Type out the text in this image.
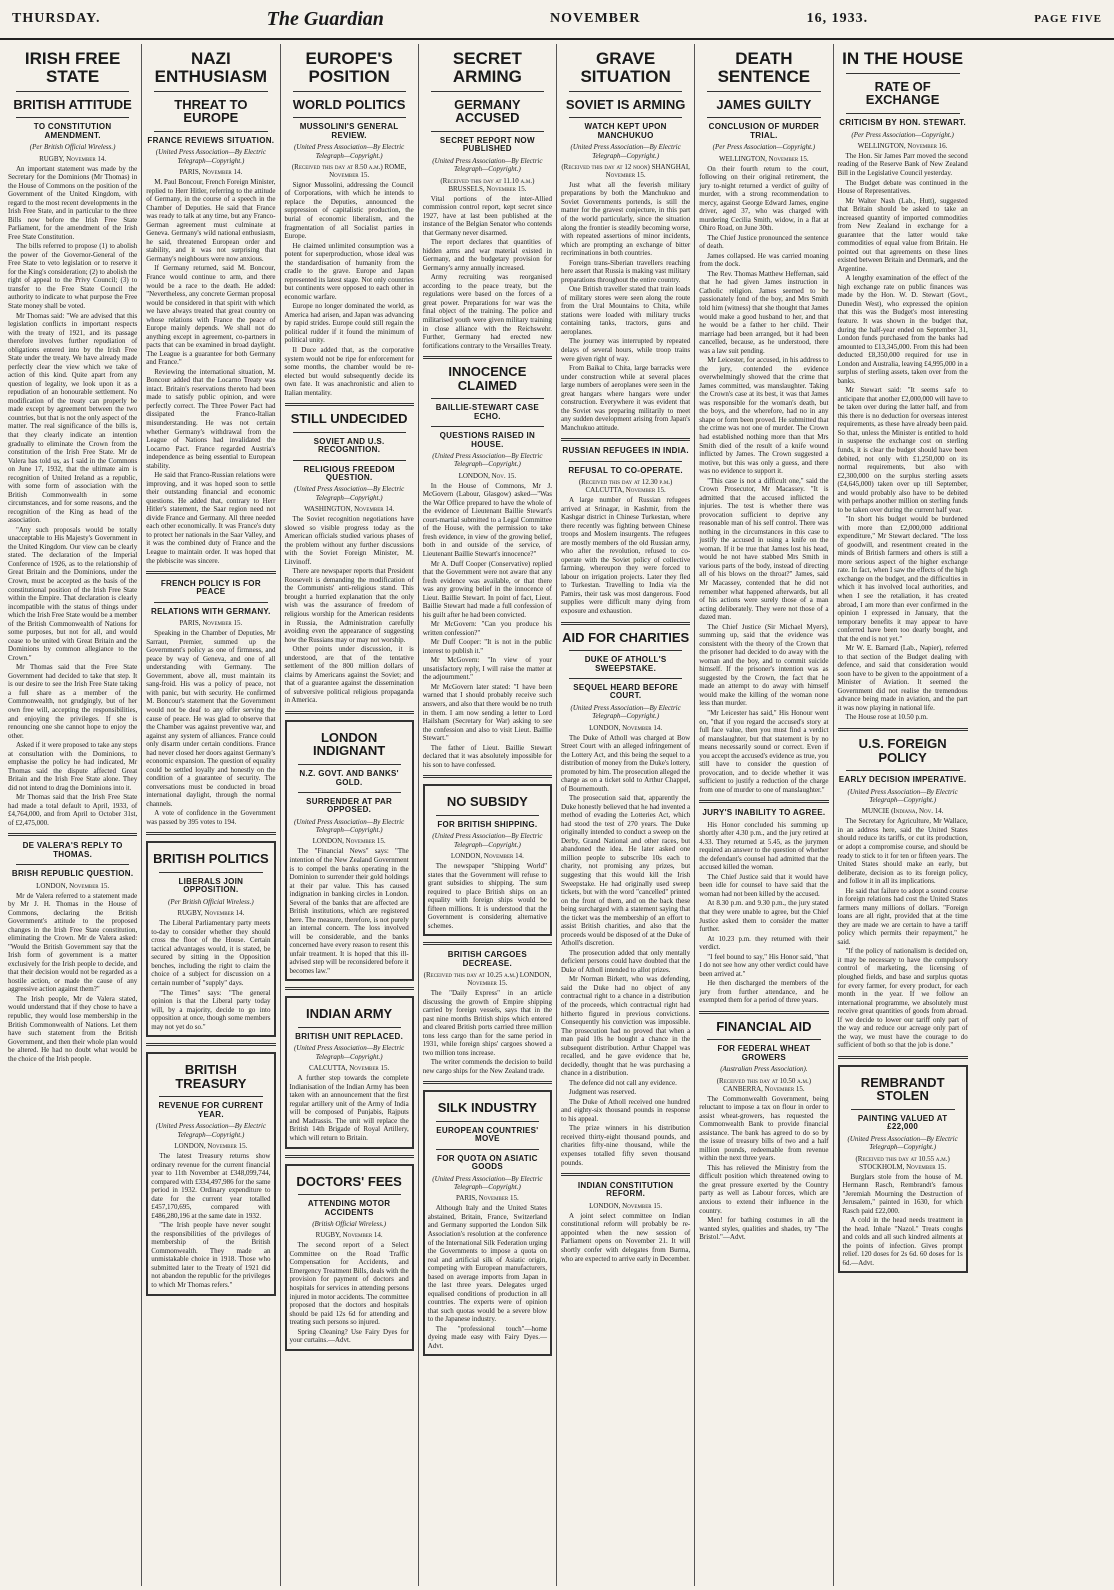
THURSDAY.	The Guardian	NOVEMBER	16, 1933.	PAGE FIVE
IRISH FREE STATE
BRITISH ATTITUDE
TO CONSTITUTION AMENDMENT.
(Per British Official Wireless.)
RUGBY, November 14.

An important statement was made by the Secretary for the Dominions (Mr Thomas) in the House of Commons on the position of the Government of the United Kingdom, with regard to the most recent developments in the Irish Free State, and in particular to the three Bills now before the Irish Free State Parliament, for the amendment of the Irish Free State Constitution.

The bills referred to propose (1) to abolish the power of the Governor-General of the Free State to veto legislation or to reserve it for the King's consideration; (2) to abolish the right of appeal to the Privy Council; (3) to transfer to the Free State Council the authority to indicate to what purpose the Free State money shall be voted.

Mr Thomas said: "We are advised that this legislation conflicts in important respects with the treaty of 1921, and its passage therefore involves further repudiation of obligations entered into by the Irish Free State under the treaty. We have already made perfectly clear the view which we take of action of this kind. Quite apart from any question of legality, we look upon it as a repudiation of an honourable settlement. No modification of the treaty can properly be made except by agreement between the two countries, but that is not the only aspect of the matter. The real significance of the bills is, that they clearly indicate an intention gradually to eliminate the Crown from the constitution of the Irish Free State. Mr de Valera has told us, as I said in the Commons on June 17, 1932, that the ultimate aim is recognition of United Ireland as a republic, with some form of association with the British Commonwealth in some circumstances, and for some reasons, and the recognition of the King as head of the association.

"Any such proposals would be totally unacceptable to His Majesty's Government in the United Kingdom. Our view can be clearly stated. The declaration of the Imperial Conference of 1926, as to the relationship of Great Britain and the Dominions, under the Crown, must be accepted as the basis of the constitutional position of the Irish Free State within the Empire. That declaration is clearly incompatible with the status of things under which the Irish Free State would be a member of the British Commonwealth of Nations for some purposes, but not for all, and would cease to be united with Great Britain and the Dominions by common allegiance to the Crown."

Mr Thomas said that the Free State Government had decided to take that step. It is our desire to see the Irish Free State taking a full share as a member of the Commonwealth, not grudgingly, but of her own free will, accepting the responsibilities, and enjoying the privileges. If she is renouncing one she cannot hope to enjoy the other.

Asked if it were proposed to take any steps at consultation with the Dominions, to emphasise the policy he had indicated, Mr Thomas said the dispute affected Great Britain and the Irish Free State alone. They did not intend to drag the Dominions into it.

Mr Thomas said that the Irish Free State had made a total default to April, 1933, of £4,764,000, and from April to October 31st, of £2,475,000.

DE VALERA'S REPLY TO THOMAS.
BRISH REPUBLIC QUESTION.
LONDON, November 15.

Mr de Valera referred to a statement made by Mr J. H. Thomas in the House of Commons, declaring the British Government's attitude to the proposed changes in the Irish Free State constitution, eliminating the Crown. Mr de Valera asked: "Would the British Government say that the Irish form of government is a matter exclusively for the Irish people to decide, and that their decision would not be regarded as a hostile action, or made the cause of any aggressive action against them?"

The Irish people, Mr de Valera stated, would understand that if they chose to have a republic, they would lose membership in the British Commonwealth of Nations. Let them have such statement from the British Government, and then their whole plan would be altered. He had no doubt what would be the choice of the Irish people.

NAZI ENTHUSIASM
THREAT TO EUROPE
FRANCE REVIEWS SITUATION.
(United Press Association—By Electric Telegraph—Copyright.)
PARIS, November 14.

M. Paul Boncour, French Foreign Minister, replied to Herr Hitler, referring to the attitude of Germany, in the course of a speech in the Chamber of Deputies. He said that France was ready to talk at any time, but any Franco-German agreement must culminate at Geneva. Germany's wild national enthusiasm, he said, threatened European order and stability, and it was not surprising that Germany's neighbours were now anxious.

If Germany returned, said M. Boncour, France would continue to arm, and there would be a race to the death. He added: "Nevertheless, any concrete German proposal would be considered in that spirit with which we have always treated that great country on whose relations with France the peace of Europe mainly depends. We shall not do anything except in agreement, co-partners in pacts that can be examined in broad daylight. The League is a guarantee for both Germany and France."

Reviewing the international situation, M. Boncour added that the Locarno Treaty was intact. Britain's reservations thereto had been made to satisfy public opinion, and were perfectly correct. The Three Power Pact had dissipated the Franco-Italian misunderstanding. He was not certain whether Germany's withdrawal from the League of Nations had invalidated the Locarno Pact. France regarded Austria's independence as being essential to European stability.

He said that Franco-Russian relations were improving, and it was hoped soon to settle their outstanding financial and economic questions. He added that, contrary to Herr Hitler's statement, the Saar region need not divide France and Germany. All three needed each other economically. It was France's duty to protect her nationals in the Saar Valley, and it was the combined duty of France and the League to maintain order. It was hoped that the plebiscite was sincere.

FRENCH POLICY IS FOR PEACE
RELATIONS WITH GERMANY.
PARIS, November 15.

Speaking in the Chamber of Deputies, Mr Sarraut, Premier, summed up the Government's policy as one of firmness, and peace by way of Geneva, and one of all understanding with Germany. The Government, above all, must maintain its sang-froid. His was a policy of peace, not with panic, but with security. He confirmed M. Boncour's statement that the Government would not be deaf to any offer serving the cause of peace. He was glad to observe that the Chamber was against preventive war, and against any system of alliances. France could only disarm under certain conditions. France had never closed her doors against Germany's economic expansion. The question of equality could be settled loyally and honestly on the condition of a guarantee of security. The conversations must be conducted in broad international daylight, through the normal channels.

A vote of confidence in the Government was passed by 395 votes to 194.

BRITISH POLITICS
LIBERALS JOIN OPPOSITION.
(Per British Official Wireless.)
RUGBY, November 14.

The Liberal Parliamentary party meets to-day to consider whether they should cross the floor of the House. Certain tactical advantages would, it is stated, be secured by sitting in the Opposition benches, including the right to claim the choice of a subject for discussion on a certain number of "supply" days.

"The Times" says: "The general opinion is that the Liberal party today will, by a majority, decide to go into opposition at once, though some members may not yet do so."

BRITISH TREASURY
REVENUE FOR CURRENT YEAR.
(United Press Association—By Electric Telegraph—Copyright.)
LONDON, November 15.

The latest Treasury returns show ordinary revenue for the current financial year to 11th November at £348,099,744, compared with £334,497,986 for the same period in 1932. Ordinary expenditure to date for the current year totalled £457,170,695, compared with £486,280,196 at the same date in 1932.

"The Irish people have never sought the responsibilities of the privileges of membership of the British Commonwealth. They made an unmistakable choice in 1918. Those who submitted later to the Treaty of 1921 did not abandon the republic for the privileges to which Mr Thomas refers."

EUROPE'S POSITION
WORLD POLITICS
MUSSOLINI'S GENERAL REVIEW.
(United Press Association—By Electric Telegraph—Copyright.)
(Received this day at 8.50 a.m.) ROME, November 15.

Signor Mussolini, addressing the Council of Corporations, with which he intends to replace the Deputies, announced the suppression of capitalistic production, the burial of economic liberalism, and the fragmentation of all Socialist parties in Europe.

He claimed unlimited consumption was a potent for superproduction, whose ideal was the standardisation of humanity from the cradle to the grave. Europe and Japan represented its latest stage. Not only countries but continents were opposed to each other in economic warfare.

Europe no longer dominated the world, as America had arisen, and Japan was advancing by rapid strides. Europe could still regain the political rudder if it found the minimum of political unity.

Il Duce added that, as the corporative system would not be ripe for enforcement for some months, the chamber would be re-elected but would subsequently decide its own fate. It was anachronistic and alien to Italian mentality.

STILL UNDECIDED
SOVIET AND U.S. RECOGNITION.
RELIGIOUS FREEDOM QUESTION.
(United Press Association—By Electric Telegraph—Copyright.)
WASHINGTON, November 14.

The Soviet recognition negotiations have slowed so visible progress today as the American officials studied various phases of the problem without any further discussions with the Soviet Foreign Minister, M. Litvinoff.

There are newspaper reports that President Roosevelt is demanding the modification of the Communists' anti-religious stand. This brought a hurried explanation that the only wish was the assurance of freedom of religious worship for the American residents in Russia, the Administration carefully avoiding even the appearance of suggesting how the Russians may or may not worship.

Other points under discussion, it is understood, are that of the tentative settlement of the 800 million dollars of claims by Americans against the Soviet; and that of a guarantee against the dissemination of subversive political religious propaganda in America.

LONDON INDIGNANT
N.Z. GOVT. AND BANKS' GOLD.
SURRENDER AT PAR OPPOSED.
(United Press Association—By Electric Telegraph—Copyright.)
LONDON, November 15.

The "Financial News" says: "The intention of the New Zealand Government is to compel the banks operating in the Dominion to surrender their gold holdings at their par value. This has caused indignation in banking circles in London. Several of the banks that are affected are British institutions, which are registered here. The measure, therefore, is not purely an internal concern. The loss involved will be considerable, and the banks concerned have every reason to resent this unfair treatment. It is hoped that this ill-advised step will be reconsidered before it becomes law."

INDIAN ARMY
BRITISH UNIT REPLACED.
(United Press Association—By Electric Telegraph—Copyright.)
CALCUTTA, November 15.

A further step towards the complete Indianisation of the Indian Army has been taken with an announcement that the first regular artillery unit of the Army of India will be composed of Punjabis, Rajputs and Madrassis. The unit will replace the British 14th Brigade of Royal Artillery, which will return to Britain.

DOCTORS' FEES
ATTENDING MOTOR ACCIDENTS
(British Official Wireless.)
RUGBY, November 14.

The second report of a Select Committee on the Road Traffic Compensation for Accidents, and Emergency Treatment Bills, deals with the provision for payment of doctors and hospitals for services in attending persons injured in motor accidents. The committee proposed that the doctors and hospitals should be paid 12s 6d for attending and treating such persons so injured.

Spring Cleaning? Use Fairy Dyes for your curtains.—Advt.

SECRET ARMING
GERMANY ACCUSED
SECRET REPORT NOW PUBLISHED
(United Press Association—By Electric Telegraph—Copyright.)
(Received this day at 11.10 a.m.) BRUSSELS, November 15.

Vital portions of the inter-Allied commission control report, kept secret since 1927, have at last been published at the instance of the Belgian Senator who contends that Germany never disarmed.

The report declares that quantities of hidden arms and war material existed in Germany, and the budgetary provision for Germany's army annually increased.

Army recruiting was reorganised according to the peace treaty, but the regulations were based on the forces of a great power. Preparations for war was the final object of the training. The police and militarised youth were given military training in close alliance with the Reichswehr. Further, Germany had erected new fortifications contrary to the Versailles Treaty.

INNOCENCE CLAIMED
BAILLIE-STEWART CASE ECHO.
QUESTIONS RAISED IN HOUSE.
(United Press Association—By Electric Telegraph—Copyright.)
LONDON, Nov. 15.

In the House of Commons, Mr J. McGovern (Labour, Glasgow) asked—"Was the War Office prepared to have the whole of the evidence of Lieutenant Baillie Stewart's court-martial submitted to a Legal Committee of the House, with the permission to take fresh evidence, in view of the growing belief, both in and outside of the service, of Lieutenant Baillie Stewart's innocence?"

Mr A. Duff Cooper (Conservative) replied that the Government were not aware that any fresh evidence was available, or that there was any growing belief in the innocence of Lieut. Baillie Stewart. In point of fact, Lieut. Baillie Stewart had made a full confession of his guilt after he had been convicted.

Mr McGovern: "Can you produce his written confession?"

Mr Duff Cooper: "It is not in the public interest to publish it."

Mr McGovern: "In view of your unsatisfactory reply, I will raise the matter at the adjournment."

Mr McGovern later stated: "I have been warned that I should probably receive such answers, and also that there would be no truth in them. I am now sending a letter to Lord Hailsham (Secretary for War) asking to see the confession and also to visit Lieut. Baillie Stewart."

The father of Lieut. Baillie Stewart declared that it was absolutely impossible for his son to have confessed.

NO SUBSIDY
FOR BRITISH SHIPPING.
(United Press Association—By Electric Telegraph—Copyright.)
LONDON, November 14.

The newspaper "Shipping World" states that the Government will refuse to grant subsidies to shipping. The sum required to place British ships on an equality with foreign ships would be fifteen millions. It is understood that the Government is considering alternative schemes.

BRITISH CARGOES DECREASE.
(Received this day at 10.25 a.m.) LONDON, November 15.

The "Daily Express" in an article discussing the growth of Empire shipping carried by foreign vessels, says that in the past nine months British ships which entered and cleared British ports carried three million tons less cargo than for the same period in 1931, while foreign ships' cargoes showed a two million tons increase.

The writer commends the decision to build new cargo ships for the New Zealand trade.

SILK INDUSTRY
EUROPEAN COUNTRIES' MOVE
FOR QUOTA ON ASIATIC GOODS
(United Press Association—By Electric Telegraph—Copyright.)
PARIS, November 15.

Although Italy and the United States abstained, Britain, France, Switzerland and Germany supported the London Silk Association's resolution at the conference of the International Silk Federation urging the Governments to impose a quota on real and artificial silk of Asiatic origin, competing with European manufacturers, based on average imports from Japan in the last three years. Delegates urged equalised conditions of production in all countries. The experts were of opinion that such quotas would be a severe blow to the Japanese industry.

The "professional touch"—home dyeing made easy with Fairy Dyes.—Advt.

GRAVE SITUATION
SOVIET IS ARMING
WATCH KEPT UPON MANCHUKUO
(United Press Association—By Electric Telegraph—Copyright.)
(Received this day at 12 noon) SHANGHAI, November 15.

Just what all the feverish military preparations by both the Manchukuo and Soviet Governments portends, is still the matter for the gravest conjecture, in this part of the world particularly, since the situation along the frontier is steadily becoming worse, with repeated assertions of minor incidents, which are prompting an exchange of bitter recriminations in both countries.

Foreign trans-Siberian travellers reaching here assert that Russia is making vast military preparations throughout the entire country.

One British traveller stated that train loads of military stores were seen along the route from the Ural Mountains to Chita, while stations were loaded with military trucks containing tanks, tractors, guns and aeroplanes.

The journey was interrupted by repeated delays of several hours, while troop trains were given right of way.

From Baikal to Chita, large barracks were under construction while at several places large numbers of aeroplanes were seen in the great hangars where hangars were under construction. Everywhere it was evident that the Soviet was preparing militarily to meet any sudden development arising from Japan's Manchukuo attitude.

RUSSIAN REFUGEES IN INDIA.
REFUSAL TO CO-OPERATE.
(Received this day at 12.30 p.m.) CALCUTTA, November 15.

A large number of Russian refugees arrived at Srinagar, in Kashmir, from the Kashgar district in Chinese Turkestan, where there recently was fighting between Chinese troops and Moslem insurgents. The refugees are mostly members of the old Russian army, who after the revolution, refused to co-operate with the Soviet policy of collective farming, whereupon they were forced to labour on irrigation projects. Later they fled to Turkestan. Travelling to India via the Pamirs, their task was most dangerous. Food supplies were difficult many dying from exposure and exhaustion.

AID FOR CHARITIES
DUKE OF ATHOLL'S SWEEPSTAKE.
SEQUEL HEARD BEFORE COURT.
(United Press Association—By Electric Telegraph—Copyright.)
LONDON, November 14.

The Duke of Atholl was charged at Bow Street Court with an alleged infringement of the Lottery Act, and this being the sequel to a distribution of money from the Duke's lottery, promoted by him. The prosecution alleged the charge as on a ticket sold to Arthur Chappel, of Bournemouth.

The prosecution said that, apparently the Duke honestly believed that he had invented a method of evading the Lotteries Act, which had stood the test of 270 years. The Duke originally intended to conduct a sweep on the Derby, Grand National and other races, but abandoned the idea. He later asked one million people to subscribe 10s each to charity, not promising any prizes, but suggesting that this would kill the Irish Sweepstake. He had originally used sweep tickets, but with the word "cancelled" printed on the front of them, and on the back these being surcharged with a statement saying that the ticket was the membership of an effort to assist British charities, and also that the proceeds would be disposed of at the Duke of Atholl's discretion.

The prosecution added that only mentally deficient persons could have doubted that the Duke of Atholl intended to allot prizes.

Mr Norman Birkett, who was defending, said the Duke had no object of any contractual right to a chance in a distribution of the proceeds, which contractual right had hitherto figured in previous convictions. Consequently his conviction was impossible. The prosecution had no proved that when a man paid 10s he bought a chance in the subsequent distribution. Arthur Chappel was recalled, and he gave evidence that he, decidedly, thought that he was purchasing a chance in a distribution.

The defence did not call any evidence.

Judgment was reserved.

The Duke of Atholl received one hundred and eighty-six thousand pounds in response to his appeal.

The prize winners in his distribution received thirty-eight thousand pounds, and charities fifty-nine thousand, while the expenses totalled fifty seven thousand pounds.

INDIAN CONSTITUTION REFORM.
LONDON, November 15.

A joint select committee on Indian constitutional reform will probably be re-appointed when the new session of Parliament opens on November 21. It will shortly confer with delegates from Burma, who are expected to arrive early in December.

DEATH SENTENCE
JAMES GUILTY
CONCLUSION OF MURDER TRIAL.
(Per Press Association—Copyright.)
WELLINGTON, November 15.

On their fourth return to the court, following on their original retirement, the jury to-night returned a verdict of guilty of murder, with a strong recommendation to mercy, against George Edward James, engine driver, aged 37, who was charged with murdering Cecilia Smith, widow, in a flat at Ohiro Road, on June 30th.

The Chief Justice pronounced the sentence of death.

James collapsed. He was carried moaning from the dock.

The Rev. Thomas Matthew Heffernan, said that he had given James instruction in Catholic religion. James seemed to be passionately fond of the boy, and Mrs Smith told him (witness) that she thought that James would make a good husband to her, and that he would be a father to her child. Their marriage had been arranged, but it had been cancelled, because, as he understood, there was a law suit pending.

Mr Leicester, for accused, in his address to the jury, contended the evidence overwhelmingly showed that the crime that James committed, was manslaughter. Taking the Crown's case at its best, it was that James was responsible for the woman's death, but the boys, and the wherefore, had no in any shape or form been proved. He submitted that the crime was not one of murder. The Crown had established nothing more than that Mrs Smith died of the result of a knife wound inflicted by James. The Crown suggested a motive, but this was only a guess, and there was no evidence to support it.

"This case is not a difficult one," said the Crown Prosecutor, Mr Macassey. "It is admitted that the accused inflicted the injuries. The test is whether there was provocation sufficient to deprive any reasonable man of his self control. There was nothing in the circumstances in this case to justify the accused in using a knife on the woman. If it be true that James lost his head, would he not have stabbed Mrs Smith in various parts of the body, instead of directing all of his blows on the throat?" James, said Mr Macassey, contended that he did not remember what happened afterwards, but all of his actions were surely those of a man acting deliberately. They were not those of a dazed man.

The Chief Justice (Sir Michael Myers), summing up, said that the evidence was consistent with the theory of the Crown that the prisoner had decided to do away with the woman and the boy, and to commit suicide himself. If the prisoner's intention was as suggested by the Crown, the fact that he made an attempt to do away with himself would make the killing of the woman none less than murder.

"Mr Leicester has said," His Honour went on, "that if you regard the accused's story at full face value, then you must find a verdict of manslaughter, but that statement is by no means necessarily sound or correct. Even if you accept the accused's evidence as true, you still have to consider the question of provocation, and to decide whether it was sufficient to justify a reduction of the charge from one of murder to one of manslaughter."

JURY'S INABILITY TO AGREE.

His Honor concluded his summing up shortly after 4.30 p.m., and the jury retired at 4.33. They returned at 5.45, as the jurymen required an answer to the question of whether the defendant's counsel had admitted that the accused killed the woman.

The Chief Justice said that it would have been idle for counsel to have said that the woman had not been killed by the accused.

At 8.30 p.m. and 9.30 p.m., the jury stated that they were unable to agree, but the Chief Justice asked them to consider the matter further.

At 10.23 p.m. they returned with their verdict.

"I feel bound to say," His Honor said, "that I do not see how any other verdict could have been arrived at."

He then discharged the members of the jury from further attendance, and he exempted them for a period of three years.

FINANCIAL AID
FOR FEDERAL WHEAT GROWERS
(Australian Press Association).
(Received this day at 10.50 a.m.) CANBERRA, November 15.

The Commonwealth Government, being reluctant to impose a tax on flour in order to assist wheat-growers, has requested the Commonwealth Bank to provide financial assistance. The bank has agreed to do so by the issue of treasury bills of two and a half million pounds, redeemable from revenue within the next three years.

This has relieved the Ministry from the difficult position which threatened owing to the great pressure exerted by the Country party as well as Labour forces, which are anxious to extend their influence in the country.

Men! for bathing costumes in all the wanted styles, qualities and shades, try "The Bristol."—Advt.

IN THE HOUSE
RATE OF EXCHANGE
CRITICISM BY HON. STEWART.
(Per Press Association—Copyright.)
WELLINGTON, November 16.

The Hon. Sir James Parr moved the second reading of the Reserve Bank of New Zealand Bill in the Legislative Council yesterday.

The Budget debate was continued in the House of Representatives.

Mr Walter Nash (Lab., Hutt), suggested that Britain should be asked to take an increased quantity of imported commodities from New Zealand in exchange for a guarantee that the latter would take commodities of equal value from Britain. He pointed out that agreements on these lines existed between Britain and Denmark, and the Argentine.

A lengthy examination of the effect of the high exchange rate on public finances was made by the Hon. W. D. Stewart (Govt., Dunedin West), who expressed the opinion that this was the Budget's most interesting feature. It was shown in the budget that, during the half-year ended on September 31, London funds purchased from the banks had amounted to £13,345,000. From this had been deducted £8,350,000 required for use in London and Australia, leaving £4,995,000 in a surplus of sterling assets, taken over from the banks.

Mr Stewart said: "It seems safe to anticipate that another £2,000,000 will have to be taken over during the latter half, and from this there is no deduction for overseas interest requirements, as these have already been paid. So that, unless the Minister is entitled to hold in suspense the exchange cost on sterling funds, it is clear the budget should have been debited, not only with £1,250,000 on its normal requirements, but also with £2,300,000 on the surplus sterling assets (£4,645,000) taken over up till September, and would probably also have to be debited with perhaps another million on sterling funds to be taken over during the current half year.

"In short his budget would be burdened with more than £2,000,000 additional expenditure," Mr Stewart declared. "The loss of goodwill, and resentment created in the minds of British farmers and others is still a more serious aspect of the higher exchange rate. In fact, when I saw the effects of the high exchange on the budget, and the difficulties in which it has involved local authorities, and when I see the retaliation, it has created abroad, I am more than ever confirmed in the opinion I expressed in January, that the temporary benefits it may appear to have conferred have been too dearly bought, and that the end is not yet."

Mr W. E. Barnard (Lab., Napier), referred to that section of the Budget dealing with defence, and said that consideration would soon have to be given to the appointment of a Minister of Aviation. It seemed the Government did not realise the tremendous advance being made in aviation, and the part it was now playing in national life.

The House rose at 10.50 p.m.

U.S. FOREIGN POLICY
EARLY DECISION IMPERATIVE.
(United Press Association—By Electric Telegraph—Copyright.)
MUNCIE (Indiana, Nov. 14.

The Secretary for Agriculture, Mr Wallace, in an address here, said the United States should reduce its tariffs, or cut its production, or adopt a compromise course, and should be ready to stick to it for ten or fifteen years. The United States should make an early, but deliberate, decision as to its foreign policy, and follow it in all its implications.

He said that failure to adopt a sound course in foreign relations had cost the United States farmers many millions of dollars. "Foreign loans are all right, provided that at the time they are made we are certain to have a tariff policy which permits their repayment," he said.

"If the policy of nationalism is decided on, it may be necessary to have the compulsory control of marketing, the licensing of ploughed fields, and base and surplus quotas for every farmer, for every product, for each month in the year. If we follow an international programme, we absolutely must receive great quantities of goods from abroad. If we decide to lower our tariff only part of the way and reduce our acreage only part of the way, we must have the courage to do sufficient of both so that the job is done."

REMBRANDT STOLEN
PAINTING VALUED AT £22,000
(United Press Association—By Electric Telegraph—Copyright.)
(Received this day at 10.55 a.m.) STOCKHOLM, November 15.

Burglars stole from the house of M. Hermann Rasch, Rembrandt's famous "Jeremiah Mourning the Destruction of Jerusalem," painted in 1630, for which Rasch paid £22,000.

A cold in the head needs treatment in the head. Inhale "Nazol." Treats coughs and colds and all such kindred ailments at the points of infection. Gives prompt relief. 120 doses for 2s 6d. 60 doses for 1s 6d.—Advt.
